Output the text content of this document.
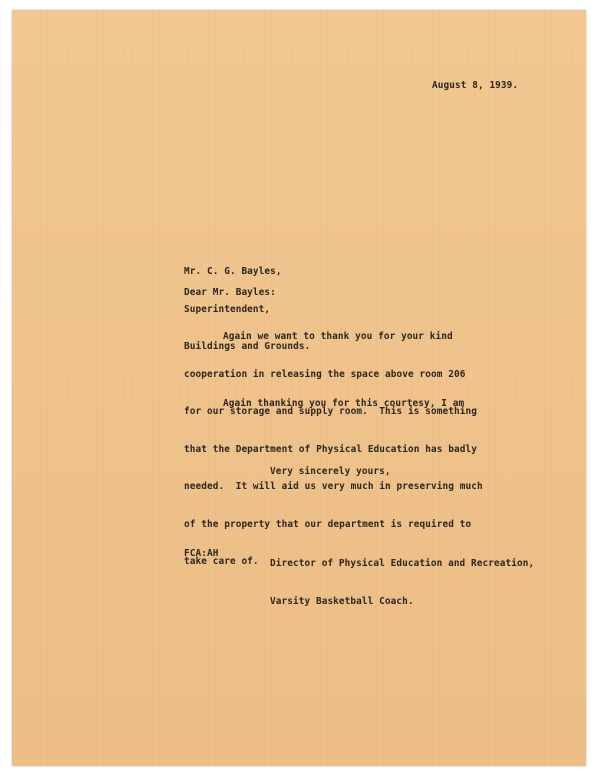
August 8, 1939.

Mr. C. G. Bayles,

Superintendent,

Buildings and Grounds.

Dear Mr. Bayles:

Again we want to thank you for your kind

cooperation in releasing the space above room 206

for our storage and supply room.  This is something

that the Department of Physical Education has badly

needed.  It will aid us very much in preserving much

of the property that our department is required to

take care of.

Again thanking you for this courtesy, I am
Very sincerely yours,

Director of Physical Education and Recreation,

Varsity Basketball Coach.

FCA:AH
